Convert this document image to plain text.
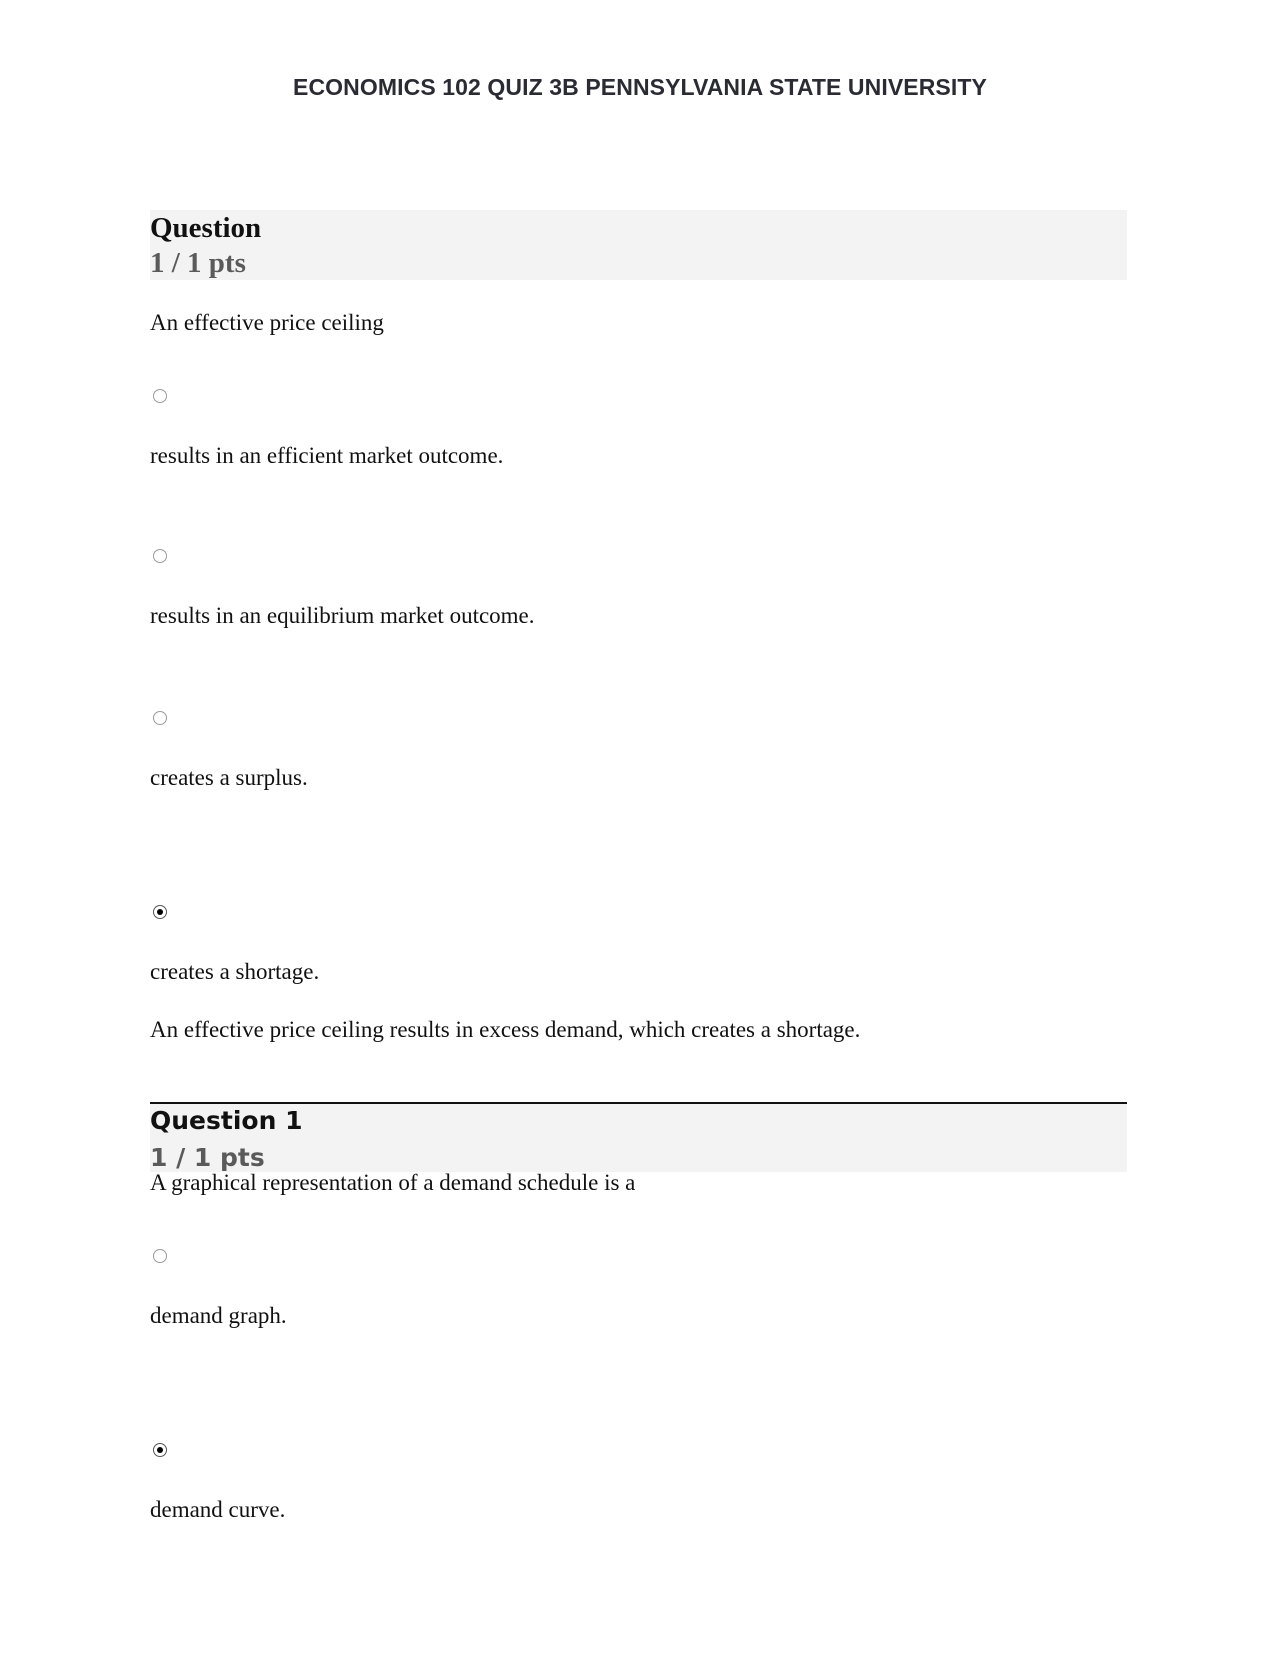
ECONOMICS 102 QUIZ 3B PENNSYLVANIA STATE UNIVERSITY
Question
1 / 1 pts
An effective price ceiling
results in an efficient market outcome.
results in an equilibrium market outcome.
creates a surplus.
creates a shortage.
An effective price ceiling results in excess demand, which creates a shortage.
Question 1
1 / 1 pts
A graphical representation of a demand schedule is a
demand graph.
demand curve.
